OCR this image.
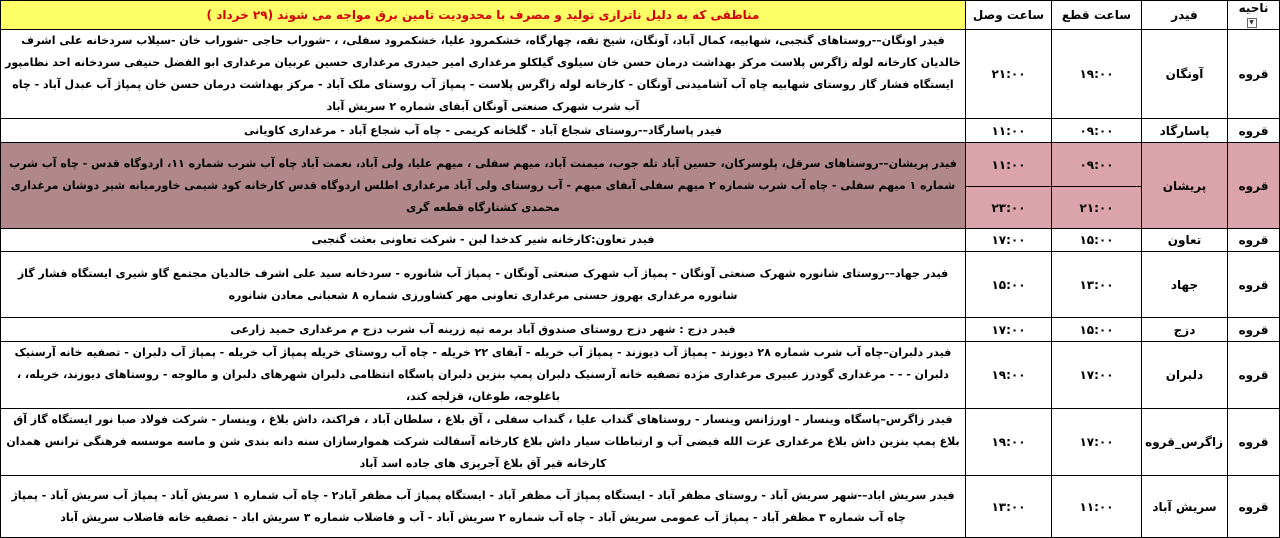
ناحیه ▼	فیدر	ساعت قطع	ساعت وصل	مناطقی که به دلیل ناترازی تولید و مصرف با محدودیت تامین برق مواجه می شوند (۲۹ خرداد )
قروه	آونگان	۱۹:۰۰	۲۱:۰۰	فیدر اونگان–-روستاهای گنجبی، شهابیه، کمال آباد، آونگان، شیخ تقه، چهارگاه، خشکمرود علیا، خشکمرود سفلی، ، -شوراب حاجی -شوراب خان -سیلاب سردخانه علی اشرف خالدیان کارخانه لوله زاگرس پلاست مرکز بهداشت درمان حسن خان سیلوی گیلکلو مرغداری امیر حیدری مرغداری حسین عربیان مرغداری ابو الفضل حنیفی سردخانه احد نظامپور ایستگاه فشار گاز روستای شهابیه چاه آب آشامیدنی آونگان - کارخانه لوله زاگرس پلاست - پمپاژ آب روستای ملک آباد - مرکز بهداشت درمان حسن خان پمپاژ آب عبدل آباد - چاه آب شرب شهرک صنعتی آونگان آبفای شماره ۲ سریش آباد
قروه	پاسارگاد	۰۹:۰۰	۱۱:۰۰	فیدر پاسارگاد–-روستای شجاع آباد - گلخانه کریمی - چاه آب شجاع آباد - مرغداری کاویانی
قروه	پریشان	۰۹:۰۰	۱۱:۰۰	فیدر پریشان–-روستاهای سرقل، پلوسرکان، حسین آباد تله جوب، میمنت آباد، میهم سفلی ، میهم علیا، ولی آباد، نعمت آباد چاه آب شرب شماره ۱۱، اردوگاه قدس - چاه آب شرب شماره ۱ میهم سفلی - چاه آب شرب شماره ۲ میهم سفلی آبفای میهم - آب روستای ولی آباد مرغداری اطلس اردوگاه قدس کارخانه کود شیمی خاورمیانه شیر دوشان مرغداری محمدی کشتارگاه قطعه گری
		۲۱:۰۰	۲۳:۰۰	
قروه	تعاون	۱۵:۰۰	۱۷:۰۰	فیدر تعاون:کارخانه شیر کدخدا لبن - شرکت تعاونی بعثت گنجبی
قروه	جهاد	۱۳:۰۰	۱۵:۰۰	فیدر جهاد–-روستای شانوره شهرک صنعتی آونگان - پمپاژ آب شهرک صنعتی آونگان - پمپاژ آب شانوره - سردخانه سید علی اشرف خالدیان مجتمع گاو شیری ایستگاه فشار گاز شانوره مرغداری بهروز حسنی مرغداری تعاونی مهر کشاورزی شماره ۸ شعبانی معادن شانوره
قروه	دزج	۱۵:۰۰	۱۷:۰۰	فیدر دزج : شهر دزج روستای صندوق آباد برمه تپه زرینه آب شرب دزج م مرغداری حمید زارعی
قروه	دلبران	۱۷:۰۰	۱۹:۰۰	فیدر دلبران–چاه آب شرب شماره ۲۸ دیوزند - پمپاژ آب دیوزند - پمپاژ آب خریله - آبفای ۲۲ خریله - چاه آب روستای خریله پمپاژ آب خریله - پمپاژ آب دلبران - تصفیه خانه آرسنیک دلبران - - - مرغداری گودرز عبیری مرغداری مژده تصفیه خانه آرسنیک دلبران پمپ بنزین دلبران پاسگاه انتظامی دلبران شهرهای دلبران و مالوجه - روستاهای دیوزند، خریله، ، باغلوجه، طوغان، قزلجه کند،
قروه	زاگرس_قروه	۱۷:۰۰	۱۹:۰۰	فیدر زاگرس–پاسگاه وینسار - اورژانس وینسار - روستاهای گنداب علیا ، گنداب سفلی ، آق بلاغ ، سلطان آباد ، فراکند، داش بلاغ ، وینسار - شرکت فولاد صبا نور ایستگاه گاز آق بلاغ پمپ بنزین داش بلاغ مرغداری عزت الله فیضی آب و ارتباطات سیار داش بلاغ کارخانه آسفالت شرکت هموارسازان سنه دانه بندی شن و ماسه موسسه فرهنگی ترانس همدان کارخانه قیر آق بلاغ آجرپزی های جاده اسد آباد
قروه	سریش آباد	۱۱:۰۰	۱۳:۰۰	فیدر سریش اباد–-شهر سریش آباد - روستای مظفر آباد - ایستگاه پمپاژ آب مظفر آباد - ایستگاه پمپاژ آب مظفر آباد۲ - چاه آب شماره ۱ سریش آباد - پمپاژ آب سریش آباد - پمپاژ چاه آب شماره ۳ مظفر آباد - پمپاژ آب عمومی سریش آباد - چاه آب شماره ۲ سریش آباد - آب و فاضلاب شماره ۳ سریش اباد - تصفیه خانه فاضلاب سریش آباد
